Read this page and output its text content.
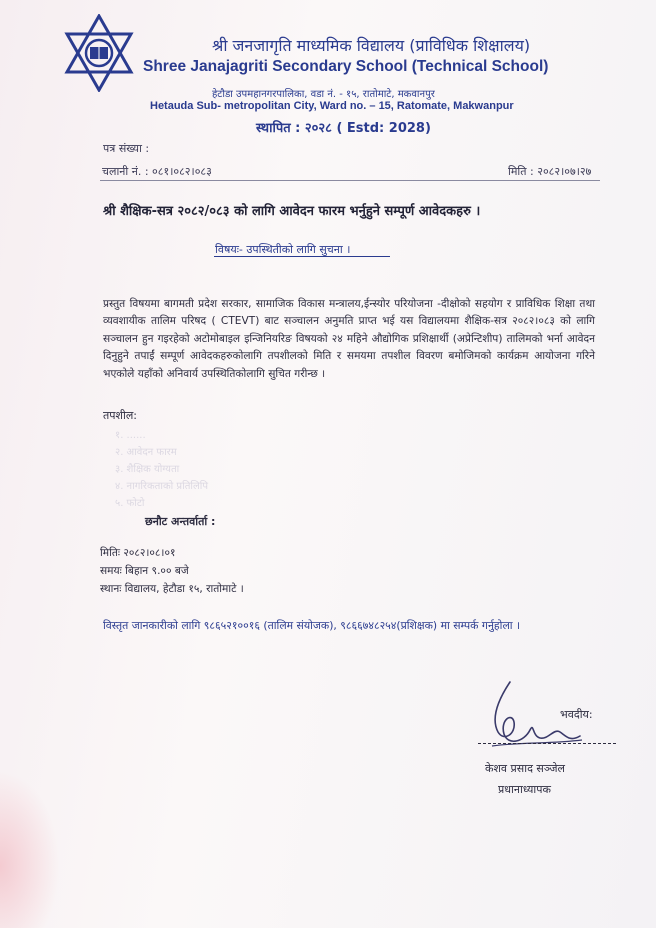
श्री जनजागृति माध्यमिक विद्यालय (प्राविधिक शिक्षालय)
Shree Janajagriti Secondary School (Technical School)
हेटौडा उपमहानगरपालिका, वडा नं. - १५, रातोमाटे, मकवानपुर
Hetauda Sub- metropolitan City, Ward no. – 15, Ratomate, Makwanpur
स्थापित : २०२८ ( Estd: 2028)
पत्र संख्या :
चलानी नं. : ०८१।०८२।०८३	मिति : २०८२।०७।२७
श्री शैक्षिक-सत्र २०८२/०८३ को लागि आवेदन फारम भर्नुहुने सम्पूर्ण आवेदकहरु ।
विषयः- उपस्थितीको लागि सुचना ।
प्रस्तुत विषयमा बागमती प्रदेश सरकार, सामाजिक विकास मन्त्रालय,ईन्स्योर परियोजना -दीक्षोको सहयोग र प्राविधिक शिक्षा तथा व्यवशायीक तालिम परिषद ( CTEVT) बाट सञ्चालन अनुमति प्राप्त भई यस विद्यालयमा शैक्षिक-सत्र २०८२।०८३ को लागि सञ्चालन हुन गइरहेको अटोमोबाइल इन्जिनियरिङ विषयको २४ महिने औद्योगिक प्रशिक्षार्थी (अप्रेन्टिशीप) तालिमको भर्ना आवेदन दिनुहुने तपाईं सम्पूर्ण आवेदकहरुकोलागि तपशीलको मिति र समयमा तपशील विवरण बमोजिमको कार्यक्रम आयोजना गरिने भएकोले यहाँको अनिवार्य उपस्थितिकोलागि सुचित गरीन्छ ।
तपशील:
१. ......
२. आवेदन फारम
३. शैक्षिक योग्यता
४. नागरिकताको प्रतिलिपि
५. फोटो
छनौट अन्तर्वार्ता :
मितिः २०८२।०८।०१
समयः बिहान ९.०० बजे
स्थानः विद्यालय, हेटौडा १५, रातोमाटे ।
विस्तृत जानकारीको लागि ९८६५२१००१६ (तालिम संयोजक), ९८६६७४८२५४(प्रशिक्षक) मा सम्पर्क गर्नुहोला ।
भवदीय:
केशव प्रसाद सञ्जेल
प्रधानाध्यापक
